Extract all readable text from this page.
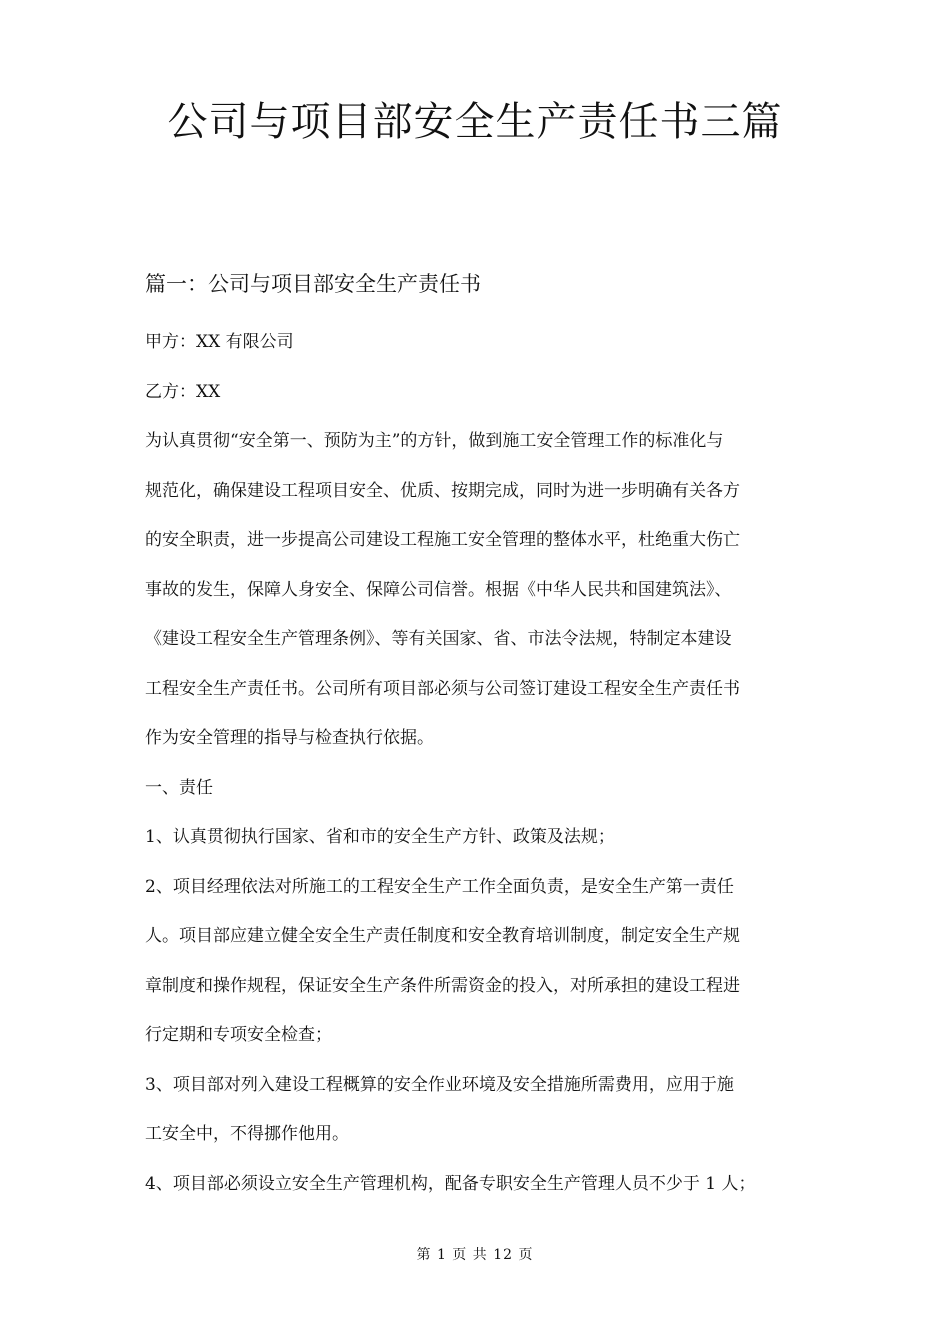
公司与项目部安全生产责任书三篇
篇一：公司与项目部安全生产责任书

甲方：XX 有限公司

乙方：XX

为认真贯彻“安全第一、预防为主”的方针，做到施工安全管理工作的标准化与

规范化，确保建设工程项目安全、优质、按期完成，同时为进一步明确有关各方

的安全职责，进一步提高公司建设工程施工安全管理的整体水平，杜绝重大伤亡

事故的发生，保障人身安全、保障公司信誉。根据《中华人民共和国建筑法》、

《建设工程安全生产管理条例》、等有关国家、省、市法令法规，特制定本建设

工程安全生产责任书。公司所有项目部必须与公司签订建设工程安全生产责任书

作为安全管理的指导与检查执行依据。

一、责任

1、认真贯彻执行国家、省和市的安全生产方针、政策及法规；

2、项目经理依法对所施工的工程安全生产工作全面负责，是安全生产第一责任

人。项目部应建立健全安全生产责任制度和安全教育培训制度，制定安全生产规

章制度和操作规程，保证安全生产条件所需资金的投入，对所承担的建设工程进

行定期和专项安全检查；

3、项目部对列入建设工程概算的安全作业环境及安全措施所需费用，应用于施

工安全中，不得挪作他用。

4、项目部必须设立安全生产管理机构，配备专职安全生产管理人员不少于 1 人；

第 1 页 共 12 页
